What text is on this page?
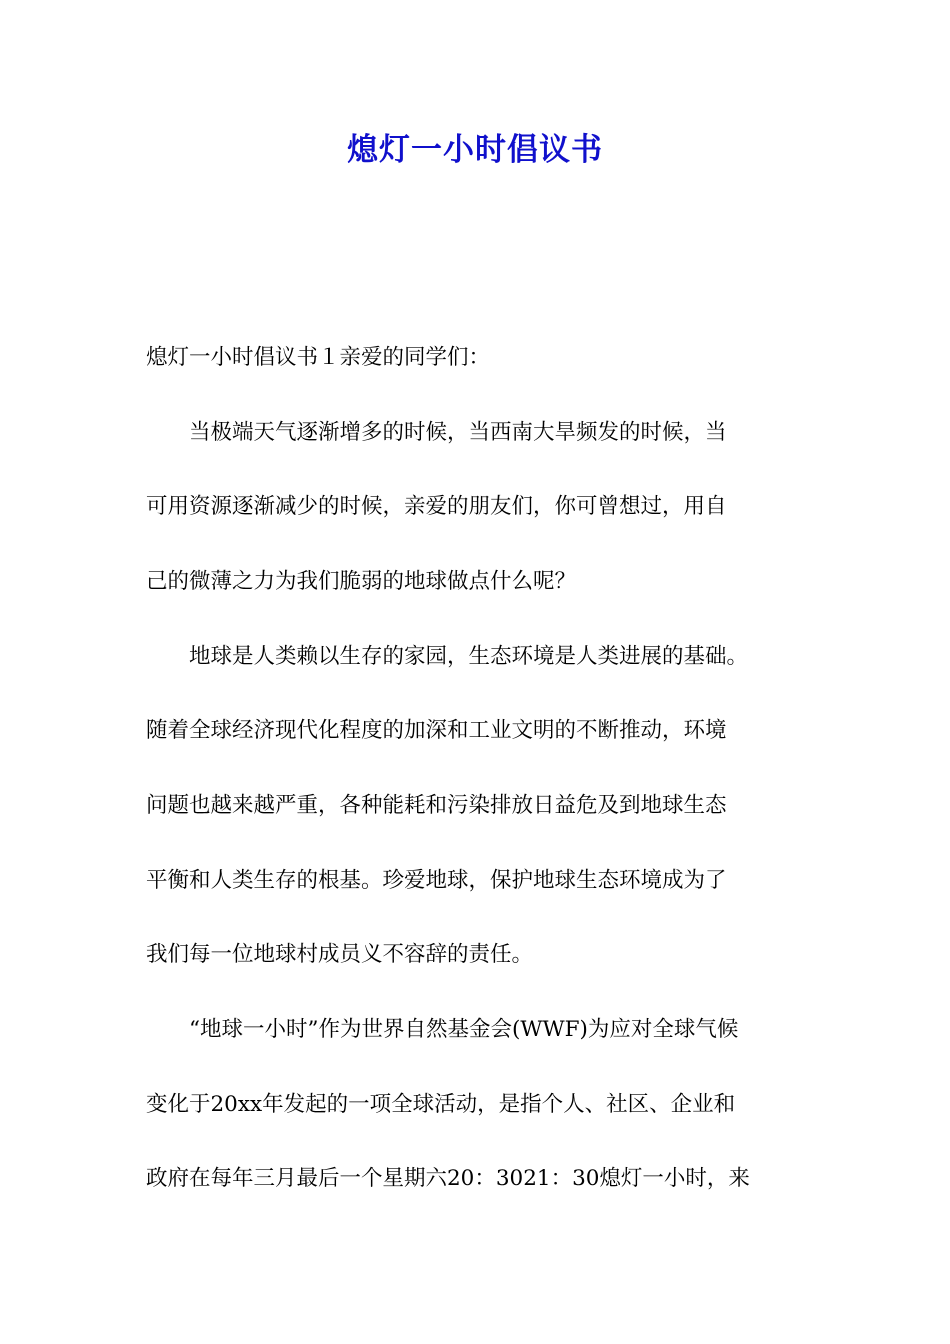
熄灯一小时倡议书
熄灯一小时倡议书１亲爱的同学们：
　　当极端天气逐渐增多的时候，当西南大旱频发的时候，当
可用资源逐渐减少的时候，亲爱的朋友们，你可曾想过，用自
己的微薄之力为我们脆弱的地球做点什么呢？
　　地球是人类赖以生存的家园，生态环境是人类进展的基础。
随着全球经济现代化程度的加深和工业文明的不断推动，环境
问题也越来越严重，各种能耗和污染排放日益危及到地球生态
平衡和人类生存的根基。珍爱地球，保护地球生态环境成为了
我们每一位地球村成员义不容辞的责任。
　　“地球一小时”作为世界自然基金会(WWF)为应对全球气候
变化于20xx年发起的一项全球活动，是指个人、社区、企业和
政府在每年三月最后一个星期六20：3021：30熄灯一小时，来
